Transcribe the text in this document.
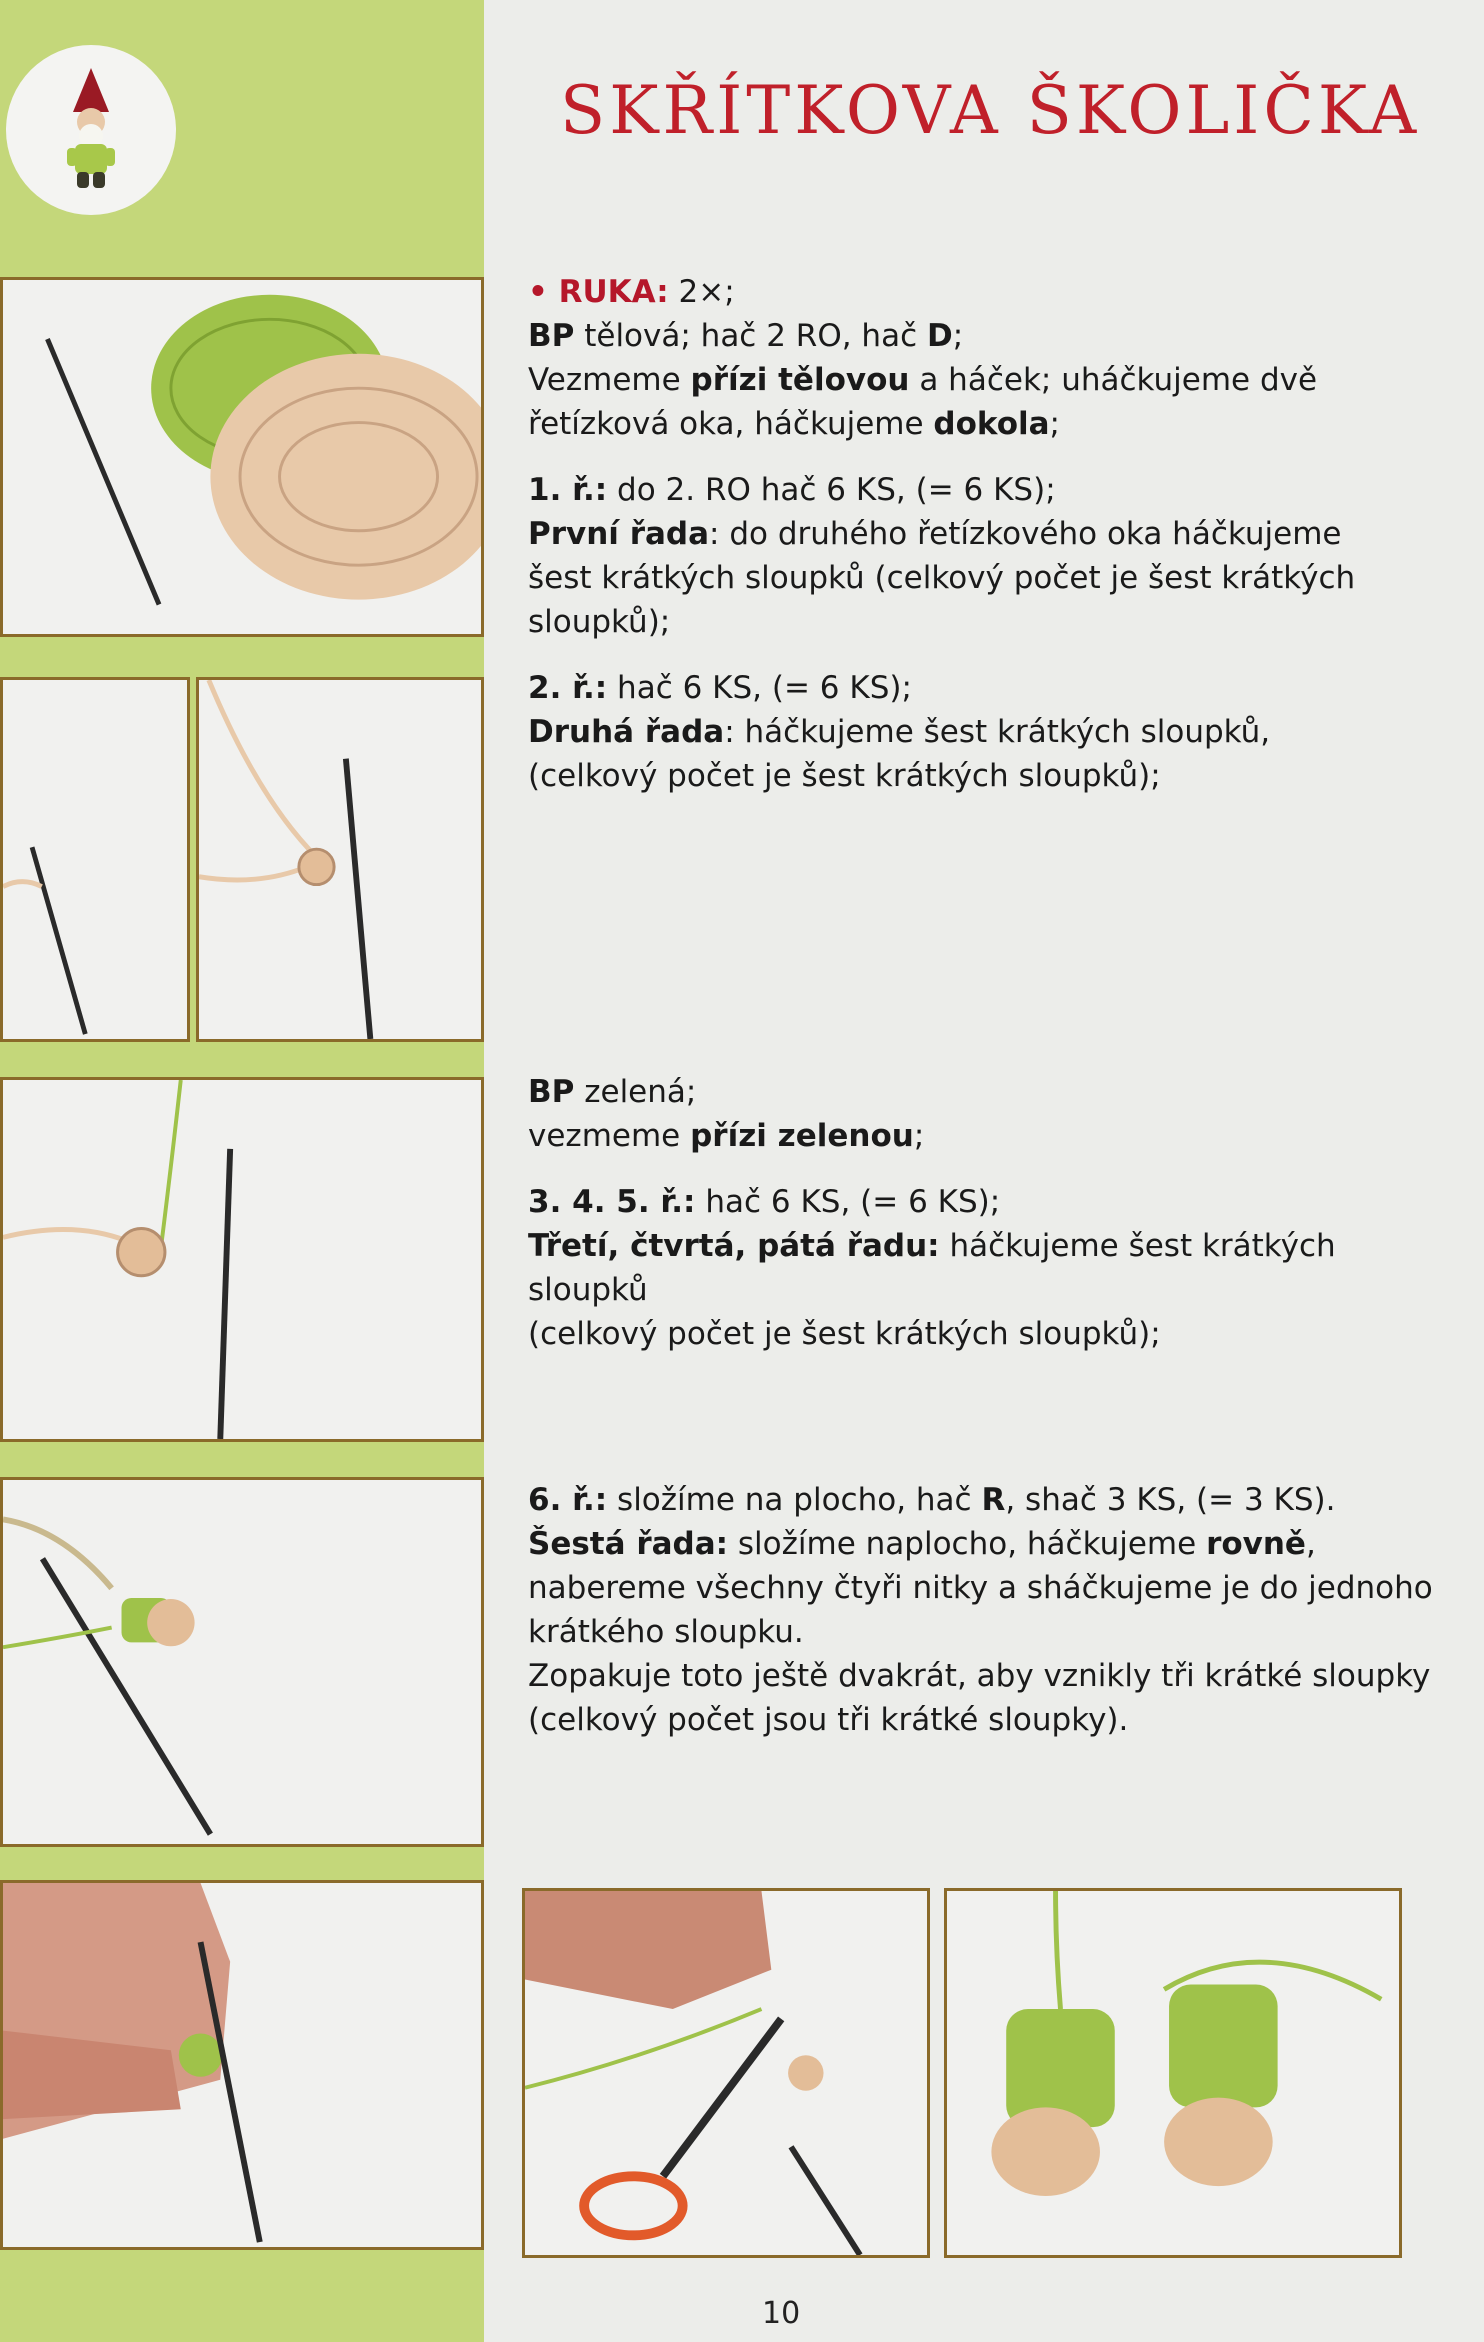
SKŘÍTKOVA ŠKOLIČKA

• RUKA: 2×;

BP tělová; hač 2 RO, hač D;

Vezmeme přízi tělovou a háček; uháčkujeme dvě

řetízková oka, háčkujeme dokola;

1. ř.: do 2. RO hač 6 KS, (= 6 KS);

První řada: do druhého řetízkového oka háčkujeme

šest krátkých sloupků (celkový počet je šest krátkých

sloupků);

2. ř.: hač 6 KS, (= 6 KS);

Druhá řada: háčkujeme šest krátkých sloupků,

(celkový počet je šest krátkých sloupků);

BP zelená;

vezmeme přízi zelenou;

3. 4. 5. ř.: hač 6 KS, (= 6 KS);

Třetí, čtvrtá, pátá řadu: háčkujeme šest krátkých sloupků

(celkový počet je šest krátkých sloupků);

6. ř.: složíme na plocho, hač R, shač 3 KS, (= 3 KS).

Šestá řada: složíme naplocho, háčkujeme rovně,

nabereme všechny čtyři nitky a sháčkujeme je do jednoho

krátkého sloupku.

Zopakuje toto ještě dvakrát, aby vznikly tři krátké sloupky

(celkový počet jsou tři krátké sloupky).

10
